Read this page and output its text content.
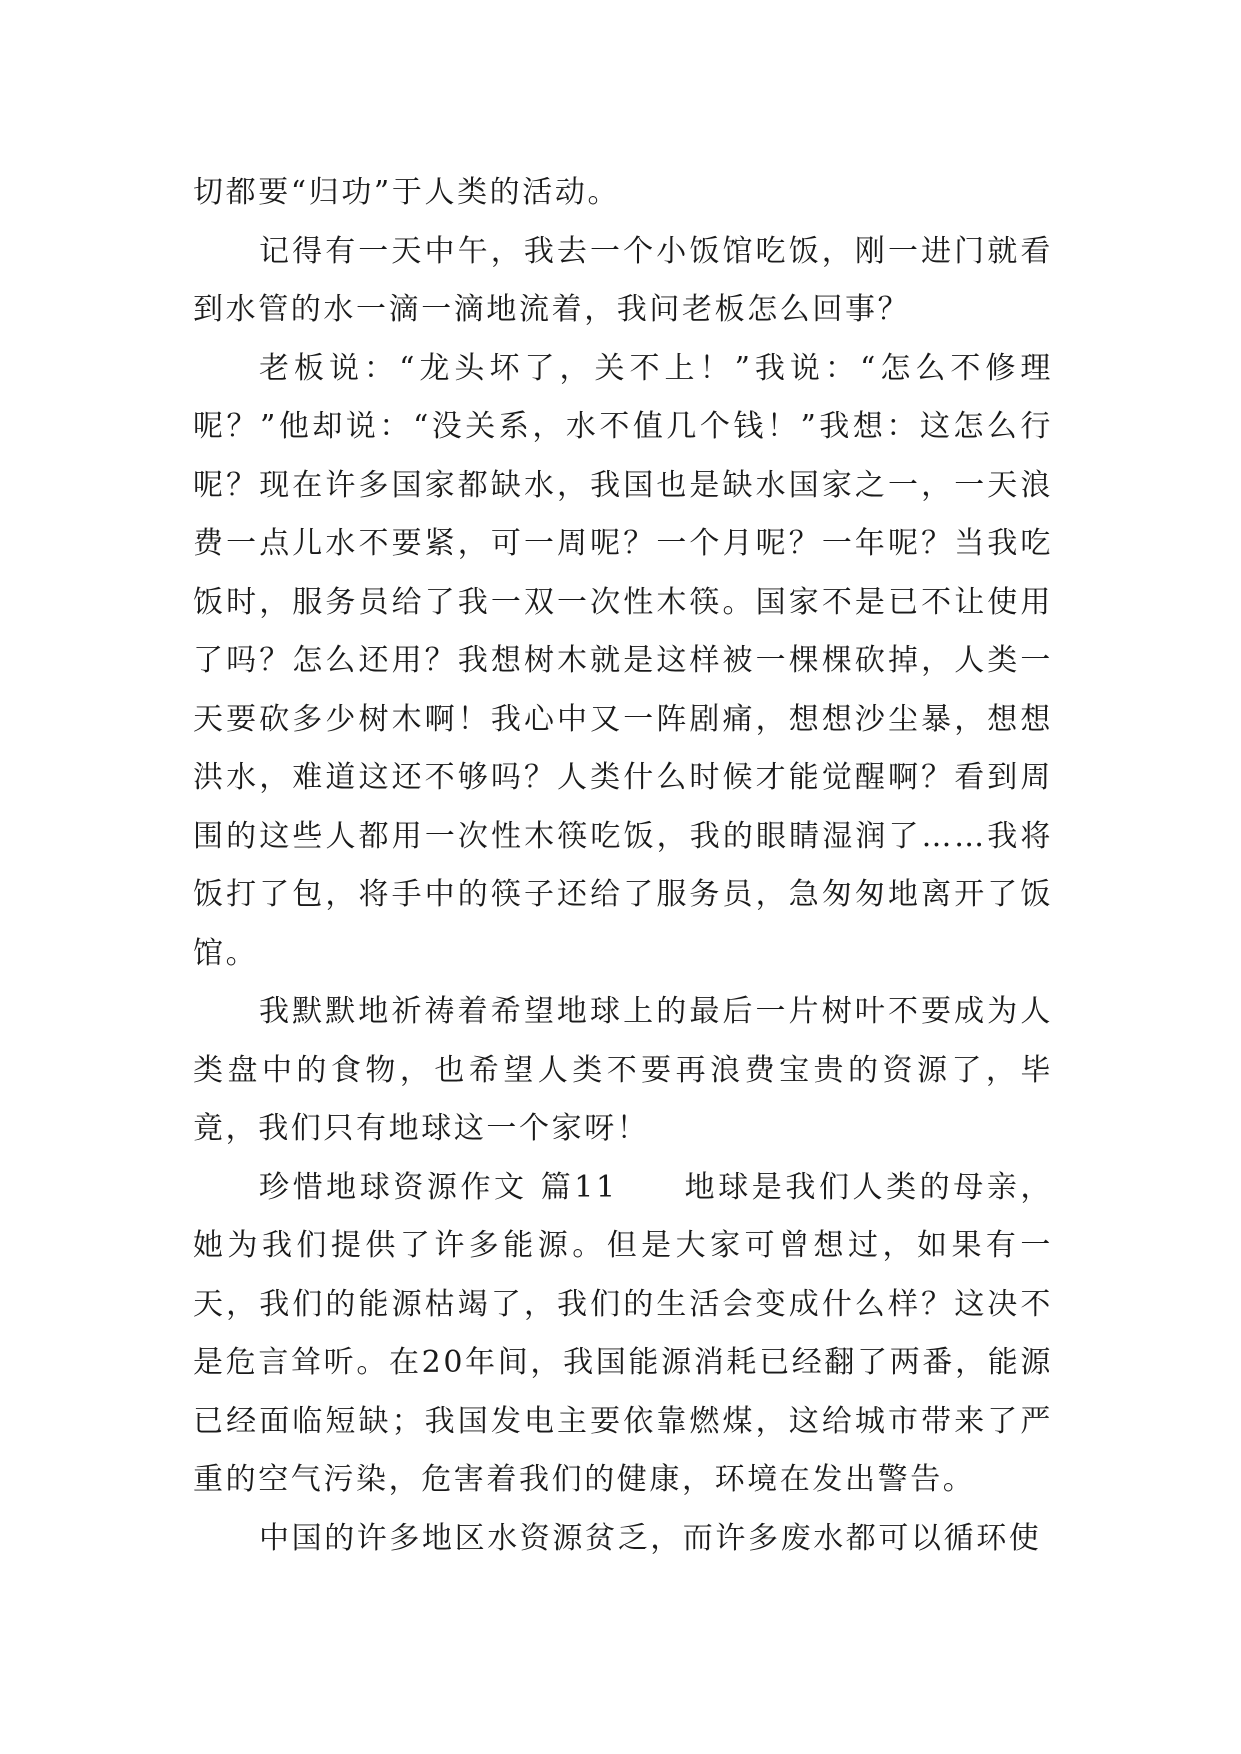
切都要“归功”于人类的活动。

记得有一天中午，我去一个小饭馆吃饭，刚一进门就看到水管的水一滴一滴地流着，我问老板怎么回事？

老板说：“龙头坏了，关不上！”我说：“怎么不修理呢？”他却说：“没关系，水不值几个钱！”我想：这怎么行呢？现在许多国家都缺水，我国也是缺水国家之一，一天浪费一点儿水不要紧，可一周呢？一个月呢？一年呢？当我吃饭时，服务员给了我一双一次性木筷。国家不是已不让使用了吗？怎么还用？我想树木就是这样被一棵棵砍掉，人类一天要砍多少树木啊！我心中又一阵剧痛，想想沙尘暴，想想洪水，难道这还不够吗？人类什么时候才能觉醒啊？看到周围的这些人都用一次性木筷吃饭，我的眼睛湿润了……我将饭打了包，将手中的筷子还给了服务员，急匆匆地离开了饭馆。

我默默地祈祷着希望地球上的最后一片树叶不要成为人类盘中的食物，也希望人类不要再浪费宝贵的资源了，毕竟，我们只有地球这一个家呀！

珍惜地球资源作文 篇11 地球是我们人类的母亲，她为我们提供了许多能源。但是大家可曾想过，如果有一天，我们的能源枯竭了，我们的生活会变成什么样？这决不是危言耸听。在20年间，我国能源消耗已经翻了两番，能源已经面临短缺；我国发电主要依靠燃煤，这给城市带来了严重的空气污染，危害着我们的健康，环境在发出警告。

中国的许多地区水资源贫乏，而许多废水都可以循环使
